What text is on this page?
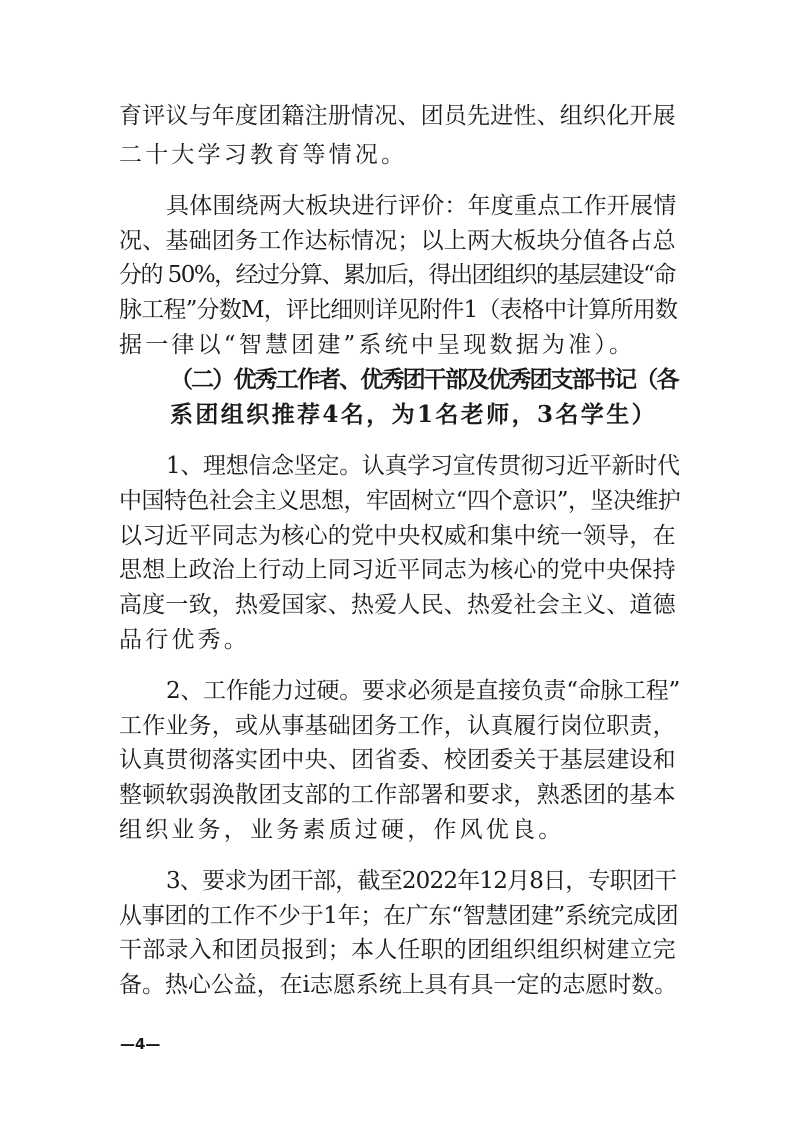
育评议与年度团籍注册情况、团员先进性、组织化开展
二十大学习教育等情况。
具体围绕两大板块进行评价：年度重点工作开展情
况、基础团务工作达标情况；以上两大板块分值各占总
分的 50%，经过分算、累加后，得出团组织的基层建设“命
脉工程”分数M，评比细则详见附件1（表格中计算所用数
据一律以“智慧团建”系统中呈现数据为准）。
（二）优秀工作者、优秀团干部及优秀团支部书记（各
系团组织推荐4名，为1名老师，3名学生）
1、理想信念坚定。认真学习宣传贯彻习近平新时代
中国特色社会主义思想，牢固树立“四个意识”，坚决维护
以习近平同志为核心的党中央权威和集中统一领导，在
思想上政治上行动上同习近平同志为核心的党中央保持
高度一致，热爱国家、热爱人民、热爱社会主义、道德
品行优秀。
2、工作能力过硬。要求必须是直接负责“命脉工程”
工作业务，或从事基础团务工作，认真履行岗位职责，
认真贯彻落实团中央、团省委、校团委关于基层建设和
整顿软弱涣散团支部的工作部署和要求，熟悉团的基本
组织业务，业务素质过硬，作风优良。
3、要求为团干部，截至2022年12月8日，专职团干
从事团的工作不少于1年；在广东“智慧团建”系统完成团
干部录入和团员报到；本人任职的团组织组织树建立完
备。热心公益，在i志愿系统上具有具一定的志愿时数。
—4—
